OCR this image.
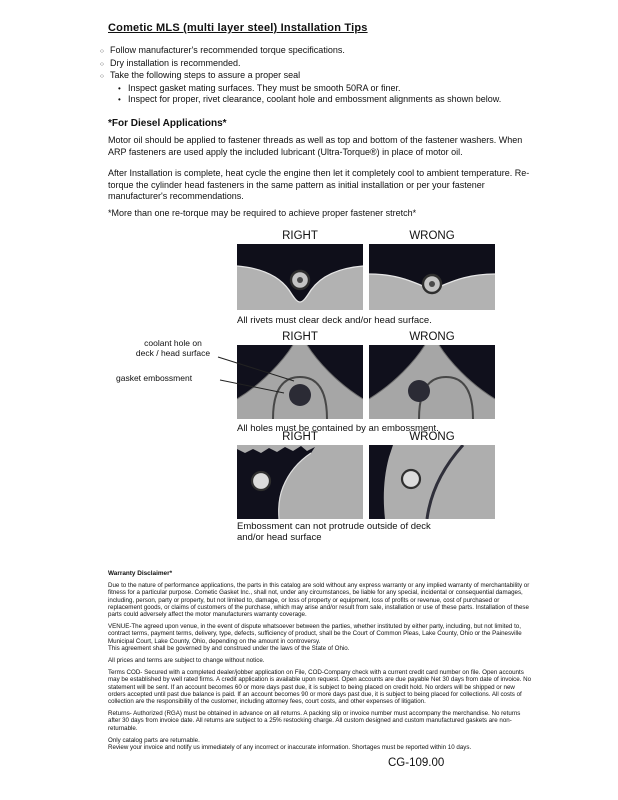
Cometic MLS (multi layer steel) Installation Tips
○ Follow manufacturer's recommended torque specifications.
○ Dry installation is recommended.
○ Take the following steps to assure a proper seal
• Inspect gasket mating surfaces. They must be smooth 50RA or finer.
• Inspect for proper, rivet clearance, coolant hole and embossment alignments as shown below.
*For Diesel Applications*

Motor oil should be applied to fastener threads as well as top and bottom of the fastener washers. When ARP fasteners are used apply the included lubricant (Ultra-Torque®) in place of motor oil.

After Installation is complete, heat cycle the engine then let it completely cool to ambient temperature. Re-torque the cylinder head fasteners in the same pattern as initial installation or per your fastener manufacturer's recommendations.

*More than one re-torque may be required to achieve proper fastener stretch*

RIGHT	WRONG
All rivets must clear deck and/or head surface.
coolant hole on
deck / head surface
gasket embossment
RIGHT	WRONG
All holes must be contained by an embossment.
RIGHT	WRONG
Embossment can not protrude outside of deck and/or head surface
Warranty Disclaimer*

Due to the nature of performance applications, the parts in this catalog are sold without any express warranty or any implied warranty of merchantability or fitness for a particular purpose. Cometic Gasket Inc., shall not, under any circumstances, be liable for any special, incidental or consequential damages, including, person, party or property, but not limited to, damage, or loss of property or equipment, loss of profits or revenue, cost of purchased or replacement goods, or claims of customers of the purchase, which may arise and/or result from sale, installation or use of these parts. Installation of these parts could adversely affect the motor manufacturers warranty coverage.

VENUE-The agreed upon venue, in the event of dispute whatsoever between the parties, whether instituted by either party, including, but not limited to, contract terms, payment terms, delivery, type, defects, sufficiency of product, shall be the Court of Common Pleas, Lake County, Ohio or the Painesville Municipal Court, Lake County, Ohio, depending on the amount in controversy.

This agreement shall be governed by and construed under the laws of the State of Ohio.

All prices and terms are subject to change without notice.

Terms COD- Secured with a completed dealer/jobber application on File, COD-Company check with a current credit card number on file. Open accounts may be established by well rated firms. A credit application is available upon request. Open accounts are due payable Net 30 days from date of invoice. No statement will be sent. If an account becomes 60 or more days past due, it is subject to being placed on credit hold. No orders will be shipped or new orders accepted until past due balance is paid. If an account becomes 90 or more days past due, it is subject to being placed for collections. All costs of collection are the responsibility of the customer, including attorney fees, court costs, and other expenses of litigation.

Returns- Authorized (RGA) must be obtained in advance on all returns. A packing slip or invoice number must accompany the merchandise. No returns after 30 days from invoice date. All returns are subject to a 25% restocking charge. All custom designed and custom manufactured gaskets are non-returnable.

Only catalog parts are returnable.

Review your invoice and notify us immediately of any incorrect or inaccurate information. Shortages must be reported within 10 days.

CG-109.00
